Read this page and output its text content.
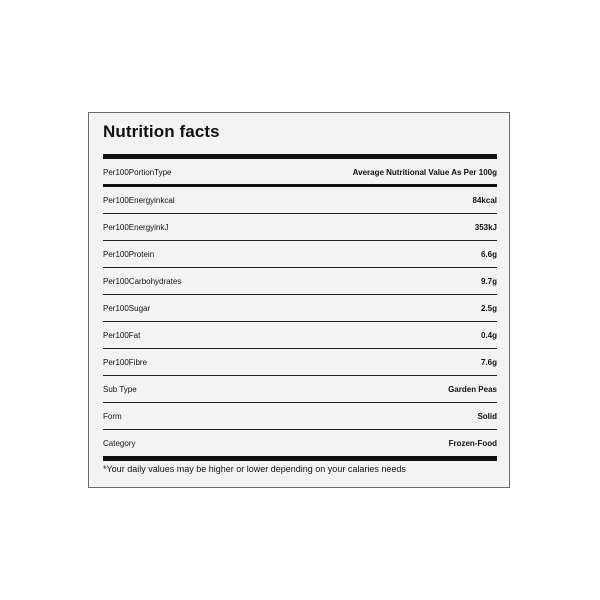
Nutrition facts
Per100PortionType	Average Nutritional Value As Per 100g
Per100Energyinkcal	84kcal
Per100EnergyinkJ	353kJ
Per100Protein	6.6g
Per100Carbohydrates	9.7g
Per100Sugar	2.5g
Per100Fat	0.4g
Per100Fibre	7.6g
Sub Type	Garden Peas
Form	Solid
Category	Frozen-Food
*Your daily values may be higher or lower depending on your calaries needs
